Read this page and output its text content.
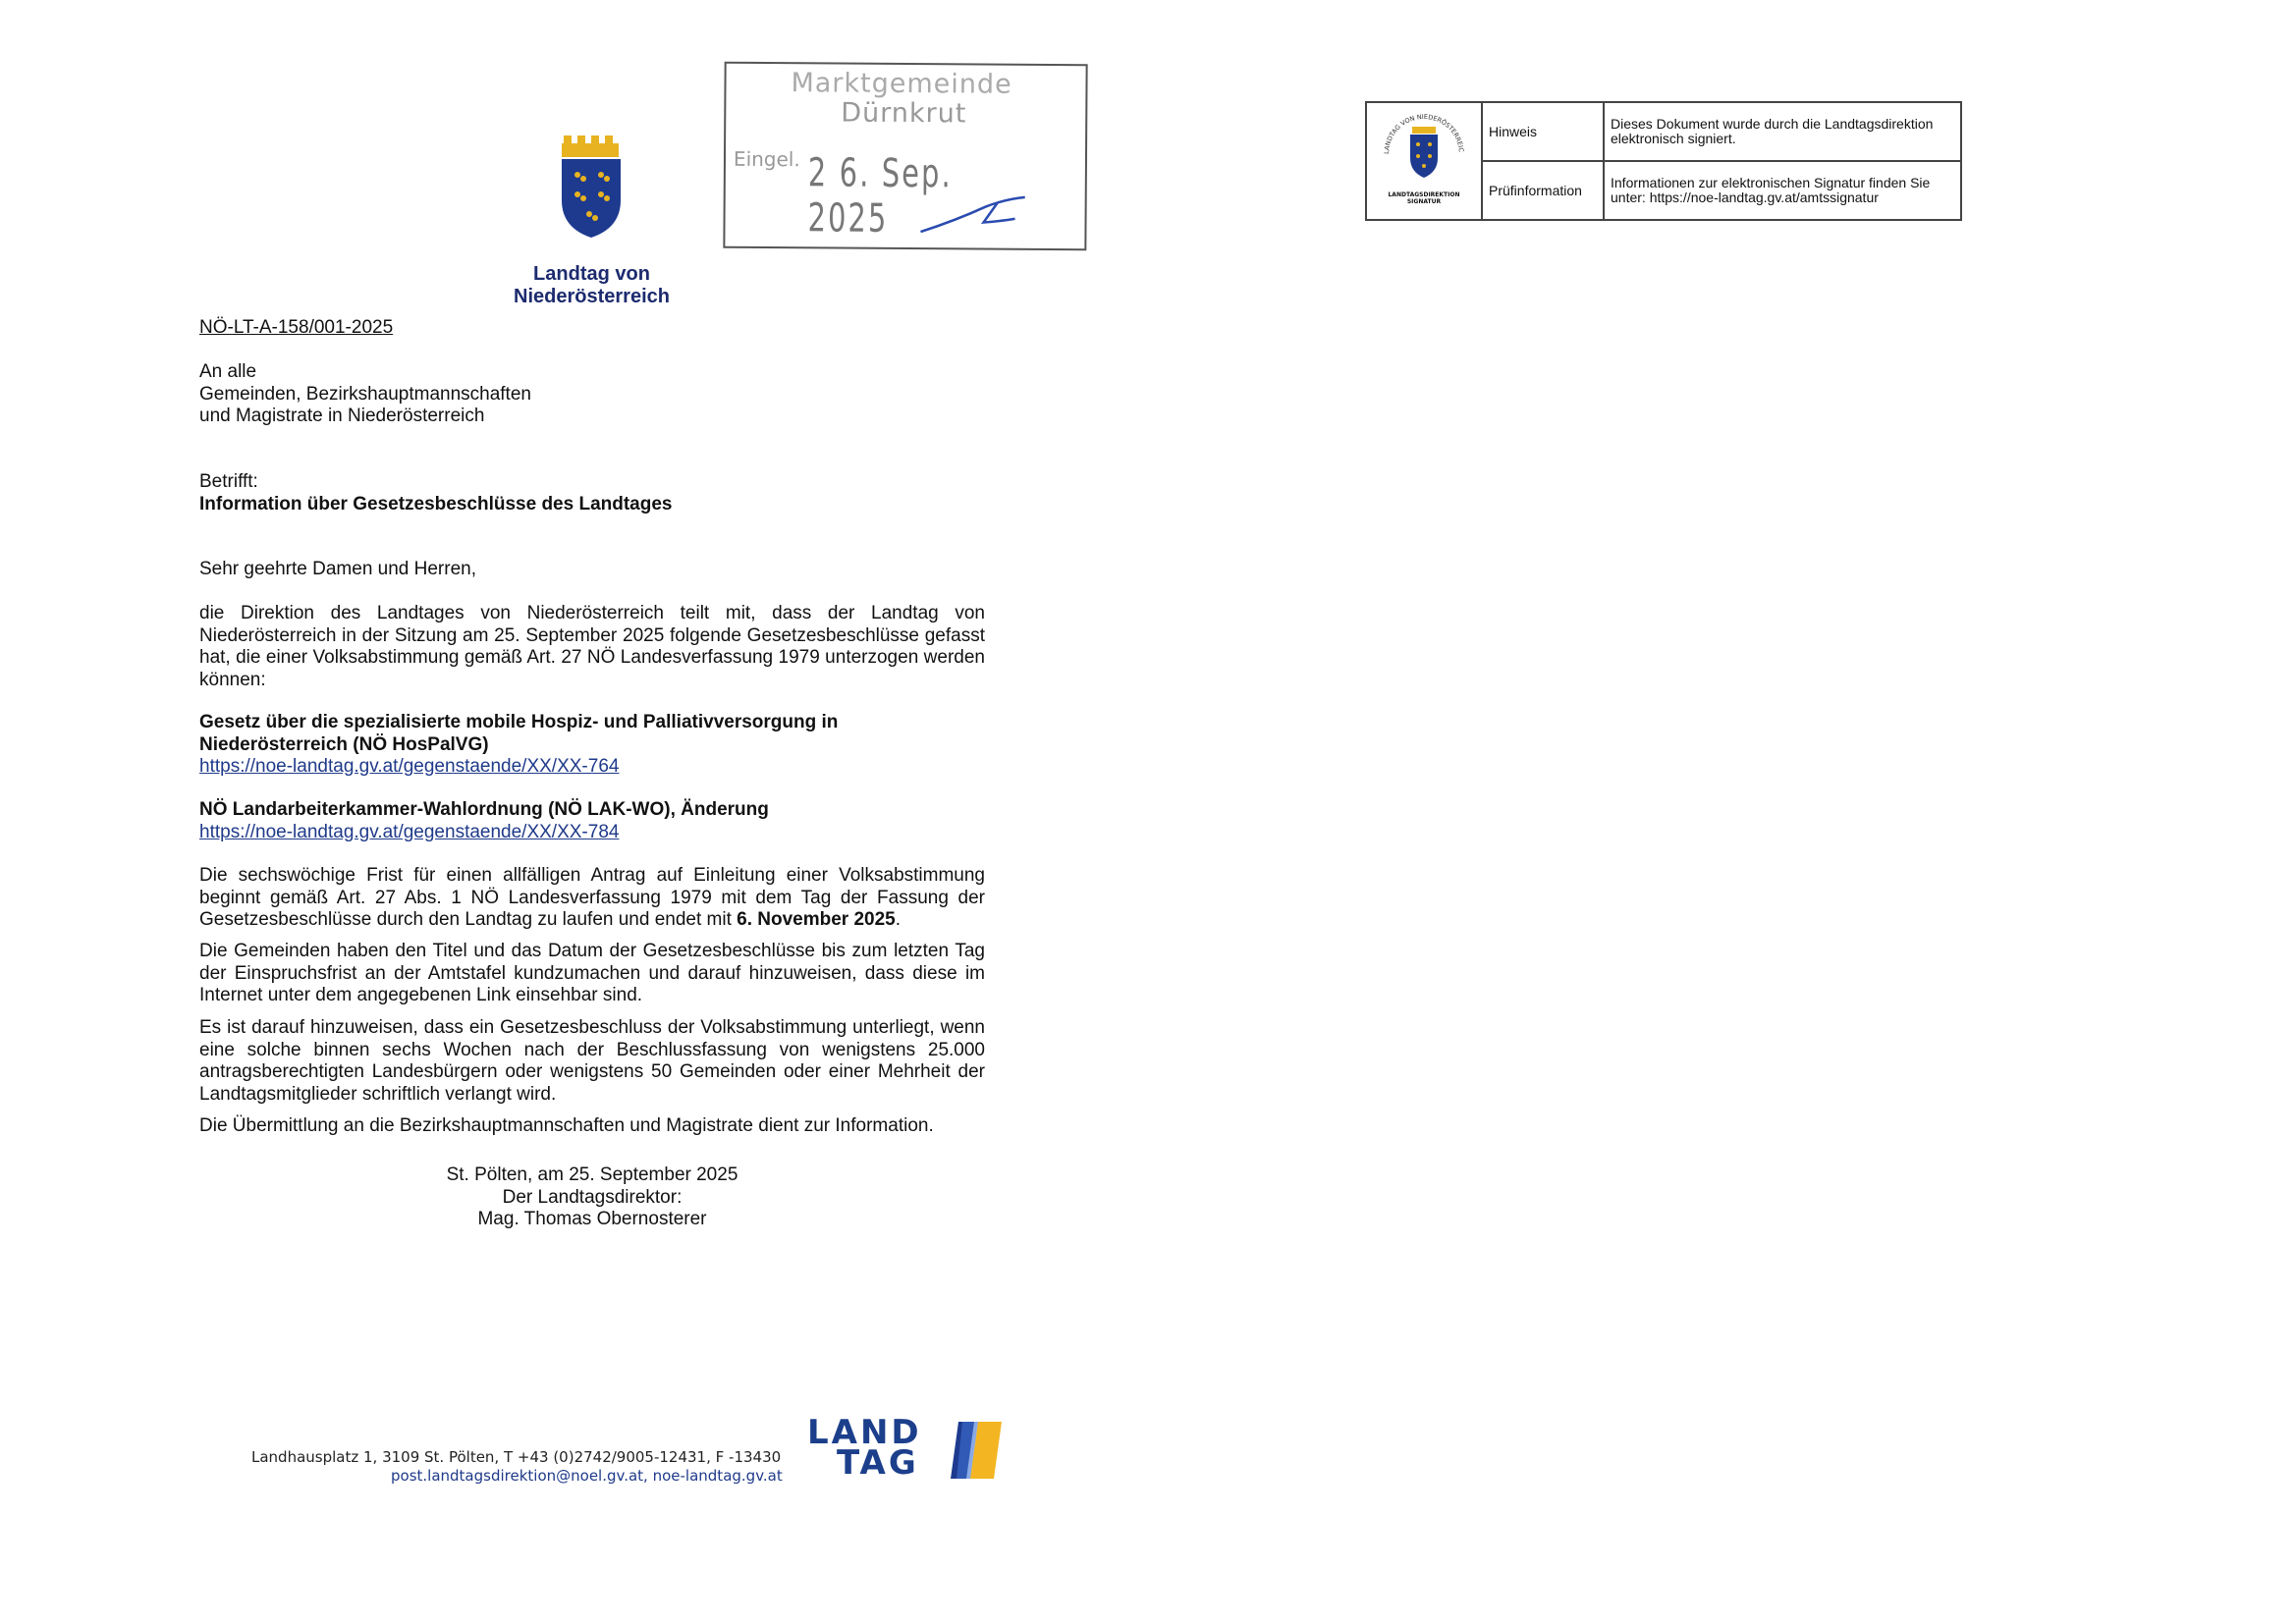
Landtag von Niederösterreich
Marktgemeinde
Dürnkrut
Eingel. 2 6. Sep. 2025
LANDTAG VON NIEDERÖSTERREIC
LANDTAGSDIREKTION SIGNATUR	Hinweis	Dieses Dokument wurde durch die Landtagsdirektion elektronisch signiert.
	Prüfinformation	Informationen zur elektronischen Signatur finden Sie unter: https://noe-landtag.gv.at/amtssignatur
NÖ-LT-A-158/001-2025
An alle
Gemeinden, Bezirkshauptmannschaften
und Magistrate in Niederösterreich
Betrifft:
Information über Gesetzesbeschlüsse des Landtages
Sehr geehrte Damen und Herren,
die Direktion des Landtages von Niederösterreich teilt mit, dass der Landtag von Niederösterreich in der Sitzung am 25. September 2025 folgende Gesetzesbeschlüsse gefasst hat, die einer Volksabstimmung gemäß Art. 27 NÖ Landesverfassung 1979 unterzogen werden können:
Gesetz über die spezialisierte mobile Hospiz- und Palliativversorgung in Niederösterreich (NÖ HosPalVG)
https://noe-landtag.gv.at/gegenstaende/XX/XX-764
NÖ Landarbeiterkammer-Wahlordnung (NÖ LAK-WO), Änderung
https://noe-landtag.gv.at/gegenstaende/XX/XX-784
Die sechswöchige Frist für einen allfälligen Antrag auf Einleitung einer Volksabstimmung beginnt gemäß Art. 27 Abs. 1 NÖ Landesverfassung 1979 mit dem Tag der Fassung der Gesetzesbeschlüsse durch den Landtag zu laufen und endet mit 6. November 2025.
Die Gemeinden haben den Titel und das Datum der Gesetzesbeschlüsse bis zum letzten Tag der Einspruchsfrist an der Amtstafel kundzumachen und darauf hinzuweisen, dass diese im Internet unter dem angegebenen Link einsehbar sind.
Es ist darauf hinzuweisen, dass ein Gesetzesbeschluss der Volksabstimmung unterliegt, wenn eine solche binnen sechs Wochen nach der Beschlussfassung von wenigstens 25.000 antragsberechtigten Landesbürgern oder wenigstens 50 Gemeinden oder einer Mehrheit der Landtagsmitglieder schriftlich verlangt wird.
Die Übermittlung an die Bezirkshauptmannschaften und Magistrate dient zur Information.
St. Pölten, am 25. September 2025
Der Landtagsdirektor:
Mag. Thomas Obernosterer
Landhausplatz 1, 3109 St. Pölten, T +43 (0)2742/9005-12431, F -13430
post.landtagsdirektion@noel.gv.at, noe-landtag.gv.at
LAND
TAG
